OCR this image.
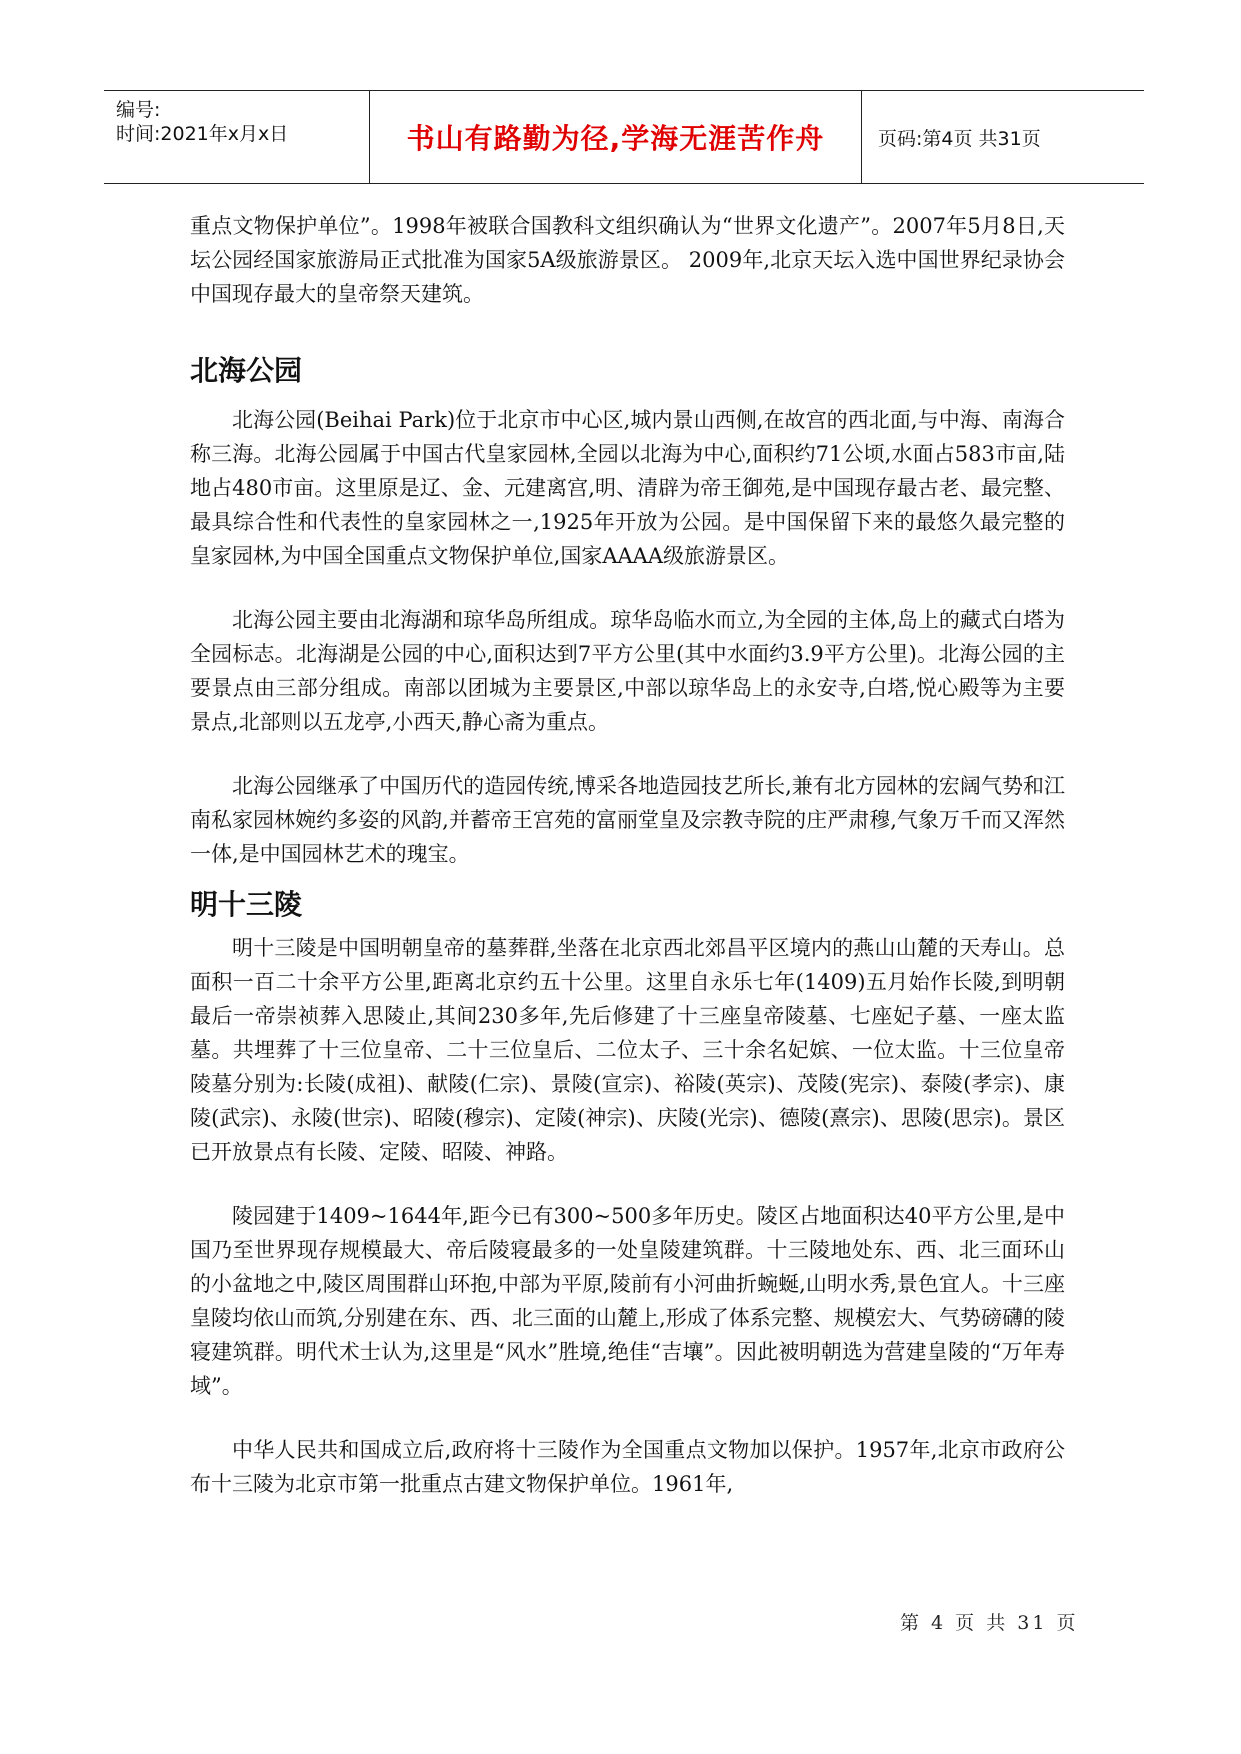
编号:
时间:2021年x月x日	书山有路勤为径,学海无涯苦作舟	页码:第4页 共31页

重点文物保护单位”。1998年被联合国教科文组织确认为“世界文化遗产”。2007年5月8日,天坛公园经国家旅游局正式批准为国家5A级旅游景区。 2009年,北京天坛入选中国世界纪录协会中国现存最大的皇帝祭天建筑。

北海公园

北海公园(Beihai Park)位于北京市中心区,城内景山西侧,在故宫的西北面,与中海、南海合称三海。北海公园属于中国古代皇家园林,全园以北海为中心,面积约71公顷,水面占583市亩,陆地占480市亩。这里原是辽、金、元建离宫,明、清辟为帝王御苑,是中国现存最古老、最完整、最具综合性和代表性的皇家园林之一,1925年开放为公园。是中国保留下来的最悠久最完整的皇家园林,为中国全国重点文物保护单位,国家AAAA级旅游景区。

北海公园主要由北海湖和琼华岛所组成。琼华岛临水而立,为全园的主体,岛上的藏式白塔为全园标志。北海湖是公园的中心,面积达到7平方公里(其中水面约3.9平方公里)。北海公园的主要景点由三部分组成。南部以团城为主要景区,中部以琼华岛上的永安寺,白塔,悦心殿等为主要景点,北部则以五龙亭,小西天,静心斋为重点。

北海公园继承了中国历代的造园传统,博采各地造园技艺所长,兼有北方园林的宏阔气势和江南私家园林婉约多姿的风韵,并蓄帝王宫苑的富丽堂皇及宗教寺院的庄严肃穆,气象万千而又浑然一体,是中国园林艺术的瑰宝。

明十三陵

明十三陵是中国明朝皇帝的墓葬群,坐落在北京西北郊昌平区境内的燕山山麓的天寿山。总面积一百二十余平方公里,距离北京约五十公里。这里自永乐七年(1409)五月始作长陵,到明朝最后一帝崇祯葬入思陵止,其间230多年,先后修建了十三座皇帝陵墓、七座妃子墓、一座太监墓。共埋葬了十三位皇帝、二十三位皇后、二位太子、三十余名妃嫔、一位太监。十三位皇帝陵墓分别为:长陵(成祖)、献陵(仁宗)、景陵(宣宗)、裕陵(英宗)、茂陵(宪宗)、泰陵(孝宗)、康陵(武宗)、永陵(世宗)、昭陵(穆宗)、定陵(神宗)、庆陵(光宗)、德陵(熹宗)、思陵(思宗)。景区已开放景点有长陵、定陵、昭陵、神路。

陵园建于1409~1644年,距今已有300~500多年历史。陵区占地面积达40平方公里,是中国乃至世界现存规模最大、帝后陵寝最多的一处皇陵建筑群。十三陵地处东、西、北三面环山的小盆地之中,陵区周围群山环抱,中部为平原,陵前有小河曲折蜿蜒,山明水秀,景色宜人。十三座皇陵均依山而筑,分别建在东、西、北三面的山麓上,形成了体系完整、规模宏大、气势磅礴的陵寝建筑群。明代术士认为,这里是“风水”胜境,绝佳“吉壤”。因此被明朝选为营建皇陵的“万年寿域”。

中华人民共和国成立后,政府将十三陵作为全国重点文物加以保护。1957年,北京市政府公布十三陵为北京市第一批重点古建文物保护单位。1961年,

第 4 页 共 31 页
